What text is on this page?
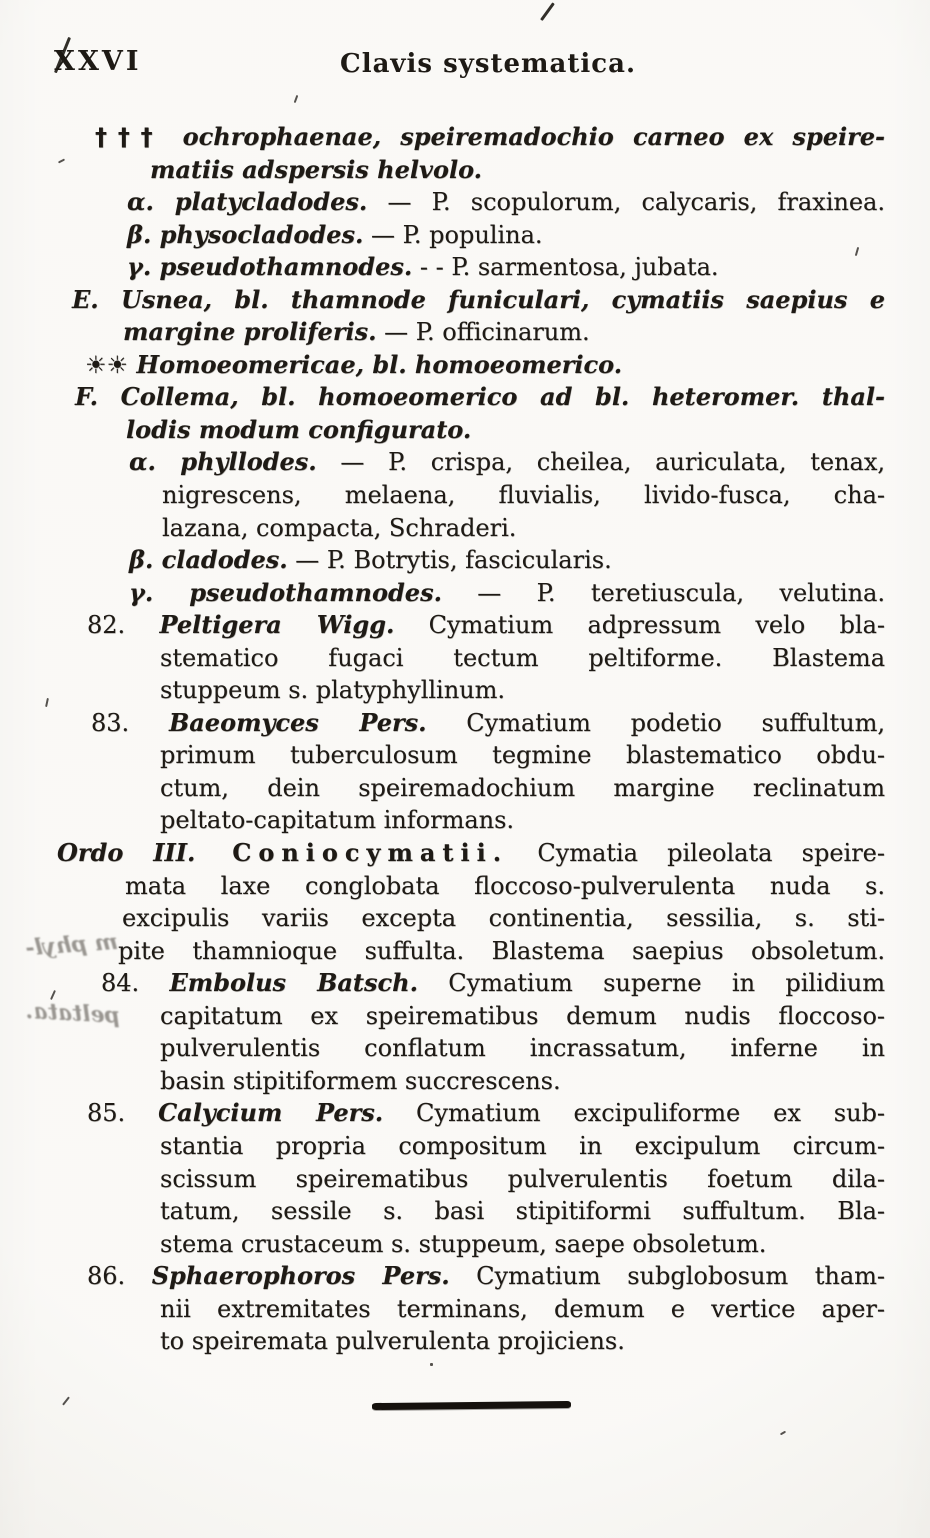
XXVI	Clavis systematica.
††† ochrophaenae, speiremadochio carneo ex speire-
matiis adspersis helvolo.
α. platycladodes. — P. scopulorum, calycaris, fraxinea.
β. physocladodes. — P. populina.
γ. pseudothamnodes. - - P. sarmentosa, jubata.
E. Usnea, bl. thamnode funiculari, cymatiis saepius e
margine proliferis. — P. officinarum.
☀☀ Homoeomericae, bl. homoeomerico.
F. Collema, bl. homoeomerico ad bl. heteromer. thal-
lodis modum configurato.
α. phyllodes. — P. crispa, cheilea, auriculata, tenax,
nigrescens, melaena, fluvialis, livido-fusca, cha-
lazana, compacta, Schraderi.
β. cladodes. — P. Botrytis, fascicularis.
γ. pseudothamnodes. — P. teretiuscula, velutina.
82. Peltigera Wigg. Cymatium adpressum velo bla-
stematico fugaci tectum peltiforme. Blastema
stuppeum s. platyphyllinum.
83. Baeomyces Pers. Cymatium podetio suffultum,
primum tuberculosum tegmine blastematico obdu-
ctum, dein speiremadochium margine reclinatum
peltato-capitatum informans.
Ordo III. Coniocymatii. Cymatia pileolata speire-
mata laxe conglobata floccoso-pulverulenta nuda s.
excipulis variis excepta continentia, sessilia, s. sti-
pite thamnioque suffulta. Blastema saepius obsoletum.
84. Embolus Batsch. Cymatium superne in pilidium
capitatum ex speirematibus demum nudis floccoso-
pulverulentis conflatum incrassatum, inferne in
basin stipitiformem succrescens.
85. Calycium Pers. Cymatium excipuliforme ex sub-
stantia propria compositum in excipulum circum-
scissum speirematibus pulverulentis foetum dila-
tatum, sessile s. basi stipitiformi suffultum. Bla-
stema crustaceum s. stuppeum, saepe obsoletum.
86. Sphaerophoros Pers. Cymatium subglobosum tham-
nii extremitates terminans, demum e vertice aper-
to speiremata pulverulenta projiciens.
m phyl-
peltata.
